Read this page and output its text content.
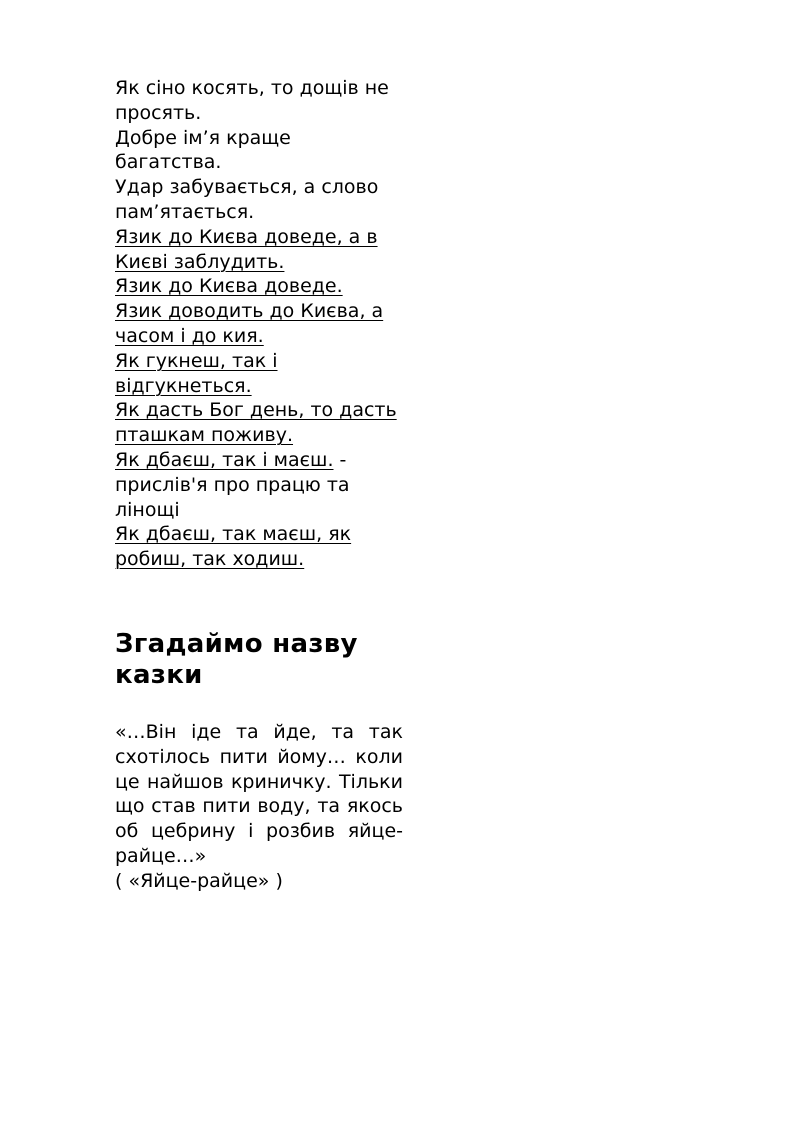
Як сіно косять, то дощів не просять.

Добре ім’я краще багатства.

Удар забувається, а слово пам’ятається.

Язик до Києва доведе, а в Києві заблудить.

Язик до Києва доведе.

Язик доводить до Києва, а часом і до кия.

Як гукнеш, так і відгукнеться.

Як дасть Бог день, то дасть пташкам поживу.

Як дбаєш, так і маєш. - прислів'я про працю та лінощі

Як дбаєш, так маєш, як робиш, так ходиш.

Згадаймо назву казки

«…Він іде та йде, та так схотілось пити йому… коли це найшов криничку. Тільки що став пити воду, та якось об цебрину і розбив яйце-райце…»

( «Яйце-райце» )
